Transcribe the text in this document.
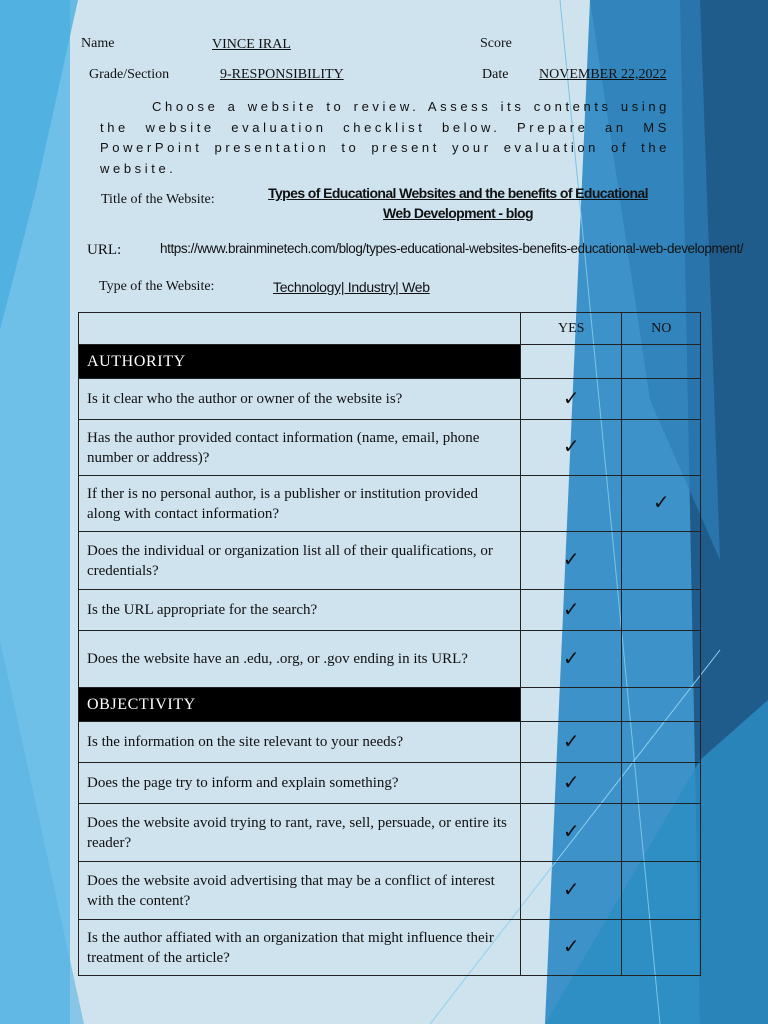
Name	VINCE IRAL	Score
Grade/Section	9-RESPONSIBILITY	Date NOVEMBER 22,2022
Choose a website to review. Assess its contents using the website evaluation checklist below. Prepare an MS PowerPoint presentation to present your evaluation of the website.
Title of the Website:	Types of Educational Websites and the benefits of Educational Web Development - blog
URL:	https://www.brainminetech.com/blog/types-educational-websites-benefits-educational-web-development/
Type of the Website:	Technology| Industry| Web
	YES	NO
AUTHORITY		
Is it clear who the author or owner of the website is?	✓	
Has the author provided contact information (name, email, phone number or address)?	✓	
If ther is no personal author, is a publisher or institution provided along with contact information?		✓
Does the individual or organization list all of their qualifications, or credentials?	✓	
Is the URL appropriate for the search?	✓	
Does the website have an .edu, .org, or .gov ending in its URL?	✓	
OBJECTIVITY		
Is the information on the site relevant to your needs?	✓	
Does the page try to inform and explain something?	✓	
Does the website avoid trying to rant, rave, sell, persuade, or entire its reader?	✓	
Does the website avoid advertising that may be a conflict of interest with the content?	✓	
Is the author affiated with an organization that might influence their treatment of the article?	✓	
